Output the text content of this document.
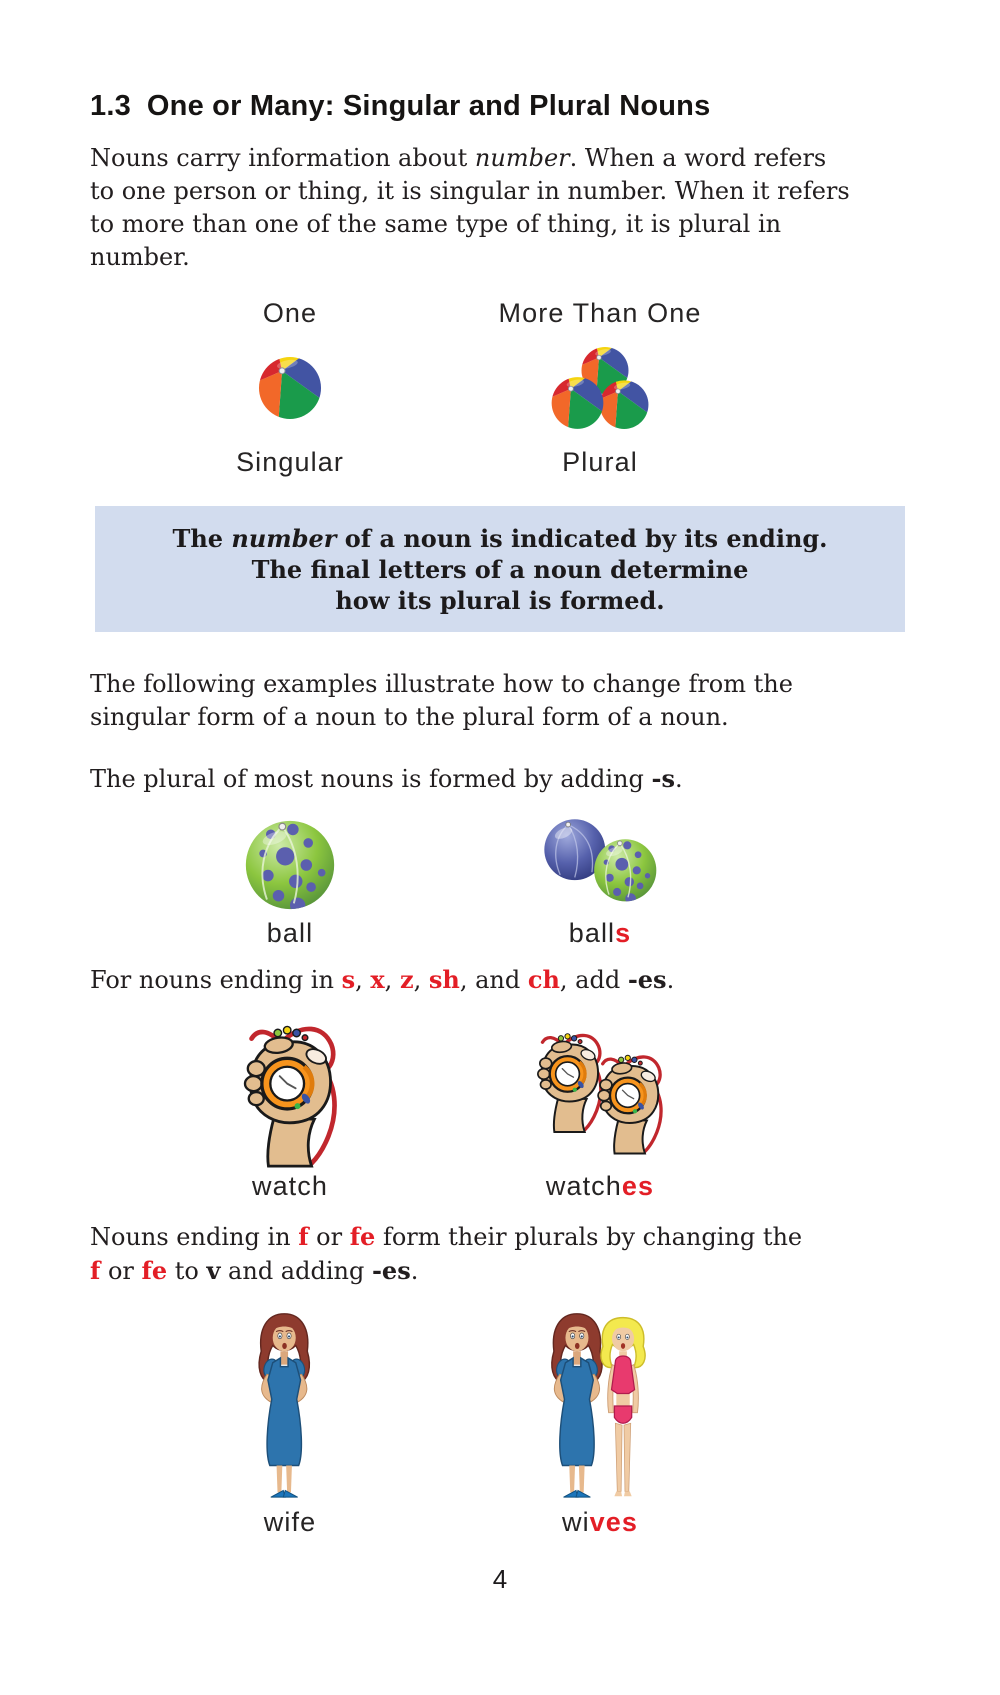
1.3 One or Many: Singular and Plural Nouns

Nouns carry information about number. When a word refers
to one person or thing, it is singular in number. When it refers
to more than one of the same type of thing, it is plural in
number.

One	More Than One
Singular	Plural

The number of a noun is indicated by its ending.

The final letters of a noun determine

how its plural is formed.

The following examples illustrate how to change from the
singular form of a noun to the plural form of a noun.

The plural of most nouns is formed by adding -s.

ball	balls

For nouns ending in s, x, z, sh, and ch, add -es.

watch	watches

Nouns ending in f or fe form their plurals by changing the
f or fe to v and adding -es.

wife	wives
4
